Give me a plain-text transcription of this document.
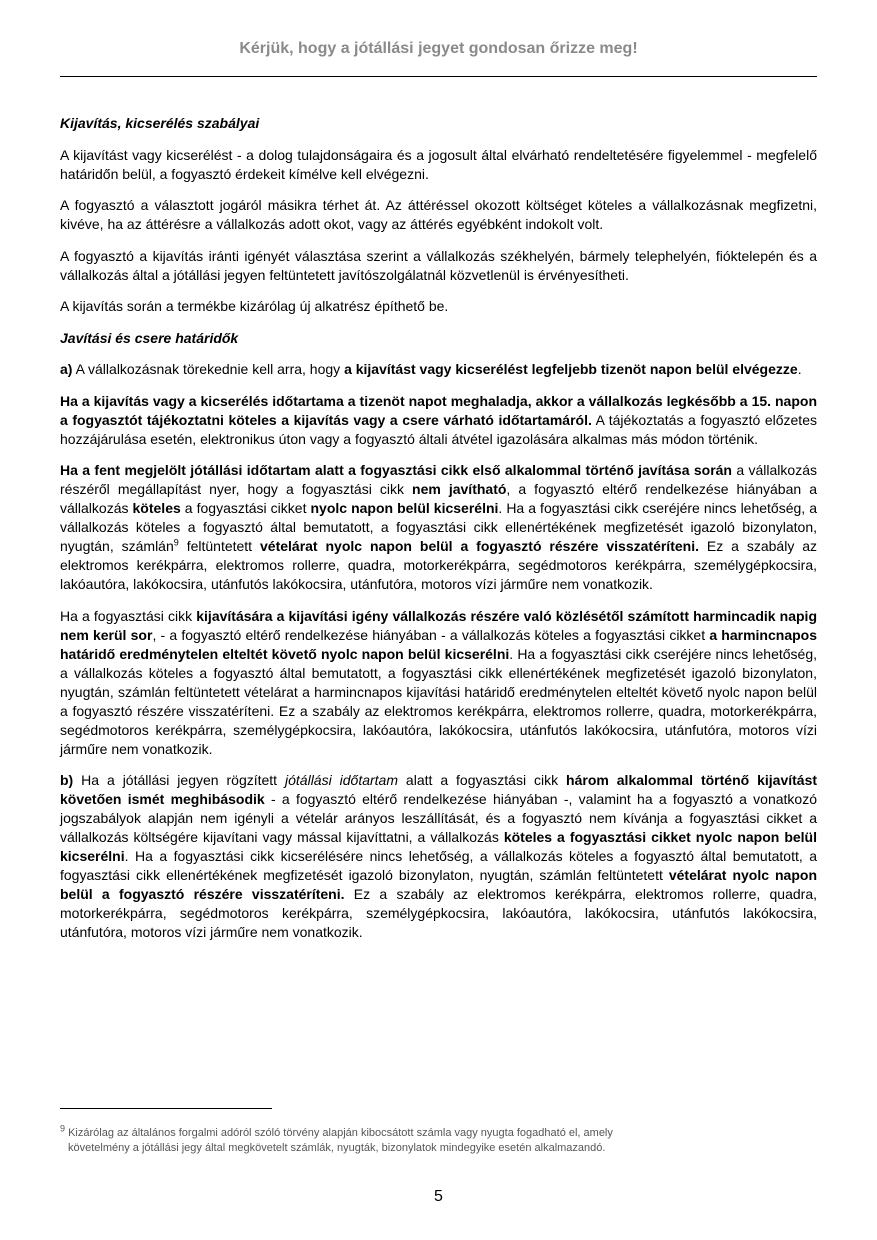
Kérjük, hogy a jótállási jegyet gondosan őrizze meg!
Kijavítás, kicserélés szabályai

A kijavítást vagy kicserélést - a dolog tulajdonságaira és a jogosult által elvárható rendeltetésére figyelemmel - megfelelő határidőn belül, a fogyasztó érdekeit kímélve kell elvégezni.

A fogyasztó a választott jogáról másikra térhet át. Az áttéréssel okozott költséget köteles a vállalkozásnak megfizetni, kivéve, ha az áttérésre a vállalkozás adott okot, vagy az áttérés egyébként indokolt volt.

A fogyasztó a kijavítás iránti igényét választása szerint a vállalkozás székhelyén, bármely telephelyén, fióktelepén és a vállalkozás által a jótállási jegyen feltüntetett javítószolgálatnál közvetlenül is érvényesítheti.

A kijavítás során a termékbe kizárólag új alkatrész építhető be.

Javítási és csere határidők

a) A vállalkozásnak törekednie kell arra, hogy a kijavítást vagy kicserélést legfeljebb tizenöt napon belül elvégezze.

Ha a kijavítás vagy a kicserélés időtartama a tizenöt napot meghaladja, akkor a vállalkozás legkésőbb a 15. napon a fogyasztót tájékoztatni köteles a kijavítás vagy a csere várható időtartamáról. A tájékoztatás a fogyasztó előzetes hozzájárulása esetén, elektronikus úton vagy a fogyasztó általi átvétel igazolására alkalmas más módon történik.

Ha a fent megjelölt jótállási időtartam alatt a fogyasztási cikk első alkalommal történő javítása során a vállalkozás részéről megállapítást nyer, hogy a fogyasztási cikk nem javítható, a fogyasztó eltérő rendelkezése hiányában a vállalkozás köteles a fogyasztási cikket nyolc napon belül kicserélni. Ha a fogyasztási cikk cseréjére nincs lehetőség, a vállalkozás köteles a fogyasztó által bemutatott, a fogyasztási cikk ellenértékének megfizetését igazoló bizonylaton, nyugtán, számlán$^9$ feltüntetett vételárat nyolc napon belül a fogyasztó részére visszatéríteni. Ez a szabály az elektromos kerékpárra, elektromos rollerre, quadra, motorkerékpárra, segédmotoros kerékpárra, személygépkocsira, lakóautóra, lakókocsira, utánfutós lakókocsira, utánfutóra, motoros vízi járműre nem vonatkozik.

Ha a fogyasztási cikk kijavítására a kijavítási igény vállalkozás részére való közlésétől számított harmincadik napig nem kerül sor, - a fogyasztó eltérő rendelkezése hiányában - a vállalkozás köteles a fogyasztási cikket a harmincnapos határidő eredménytelen elteltét követő nyolc napon belül kicserélni. Ha a fogyasztási cikk cseréjére nincs lehetőség, a vállalkozás köteles a fogyasztó által bemutatott, a fogyasztási cikk ellenértékének megfizetését igazoló bizonylaton, nyugtán, számlán feltüntetett vételárat a harmincnapos kijavítási határidő eredménytelen elteltét követő nyolc napon belül a fogyasztó részére visszatéríteni. Ez a szabály az elektromos kerékpárra, elektromos rollerre, quadra, motorkerékpárra, segédmotoros kerékpárra, személygépkocsira, lakóautóra, lakókocsira, utánfutós lakókocsira, utánfutóra, motoros vízi járműre nem vonatkozik.

b) Ha a jótállási jegyen rögzített jótállási időtartam alatt a fogyasztási cikk három alkalommal történő kijavítást követően ismét meghibásodik - a fogyasztó eltérő rendelkezése hiányában -, valamint ha a fogyasztó a vonatkozó jogszabályok alapján nem igényli a vételár arányos leszállítását, és a fogyasztó nem kívánja a fogyasztási cikket a vállalkozás költségére kijavítani vagy mással kijavíttatni, a vállalkozás köteles a fogyasztási cikket nyolc napon belül kicserélni. Ha a fogyasztási cikk kicserélésére nincs lehetőség, a vállalkozás köteles a fogyasztó által bemutatott, a fogyasztási cikk ellenértékének megfizetését igazoló bizonylaton, nyugtán, számlán feltüntetett vételárat nyolc napon belül a fogyasztó részére visszatéríteni. Ez a szabály az elektromos kerékpárra, elektromos rollerre, quadra, motorkerékpárra, segédmotoros kerékpárra, személygépkocsira, lakóautóra, lakókocsira, utánfutós lakókocsira, utánfutóra, motoros vízi járműre nem vonatkozik.

$^9$ Kizárólag az általános forgalmi adóról szóló törvény alapján kibocsátott számla vagy nyugta fogadható el, amely
követelmény a jótállási jegy által megkövetelt számlák, nyugták, bizonylatok mindegyike esetén alkalmazandó.
5
